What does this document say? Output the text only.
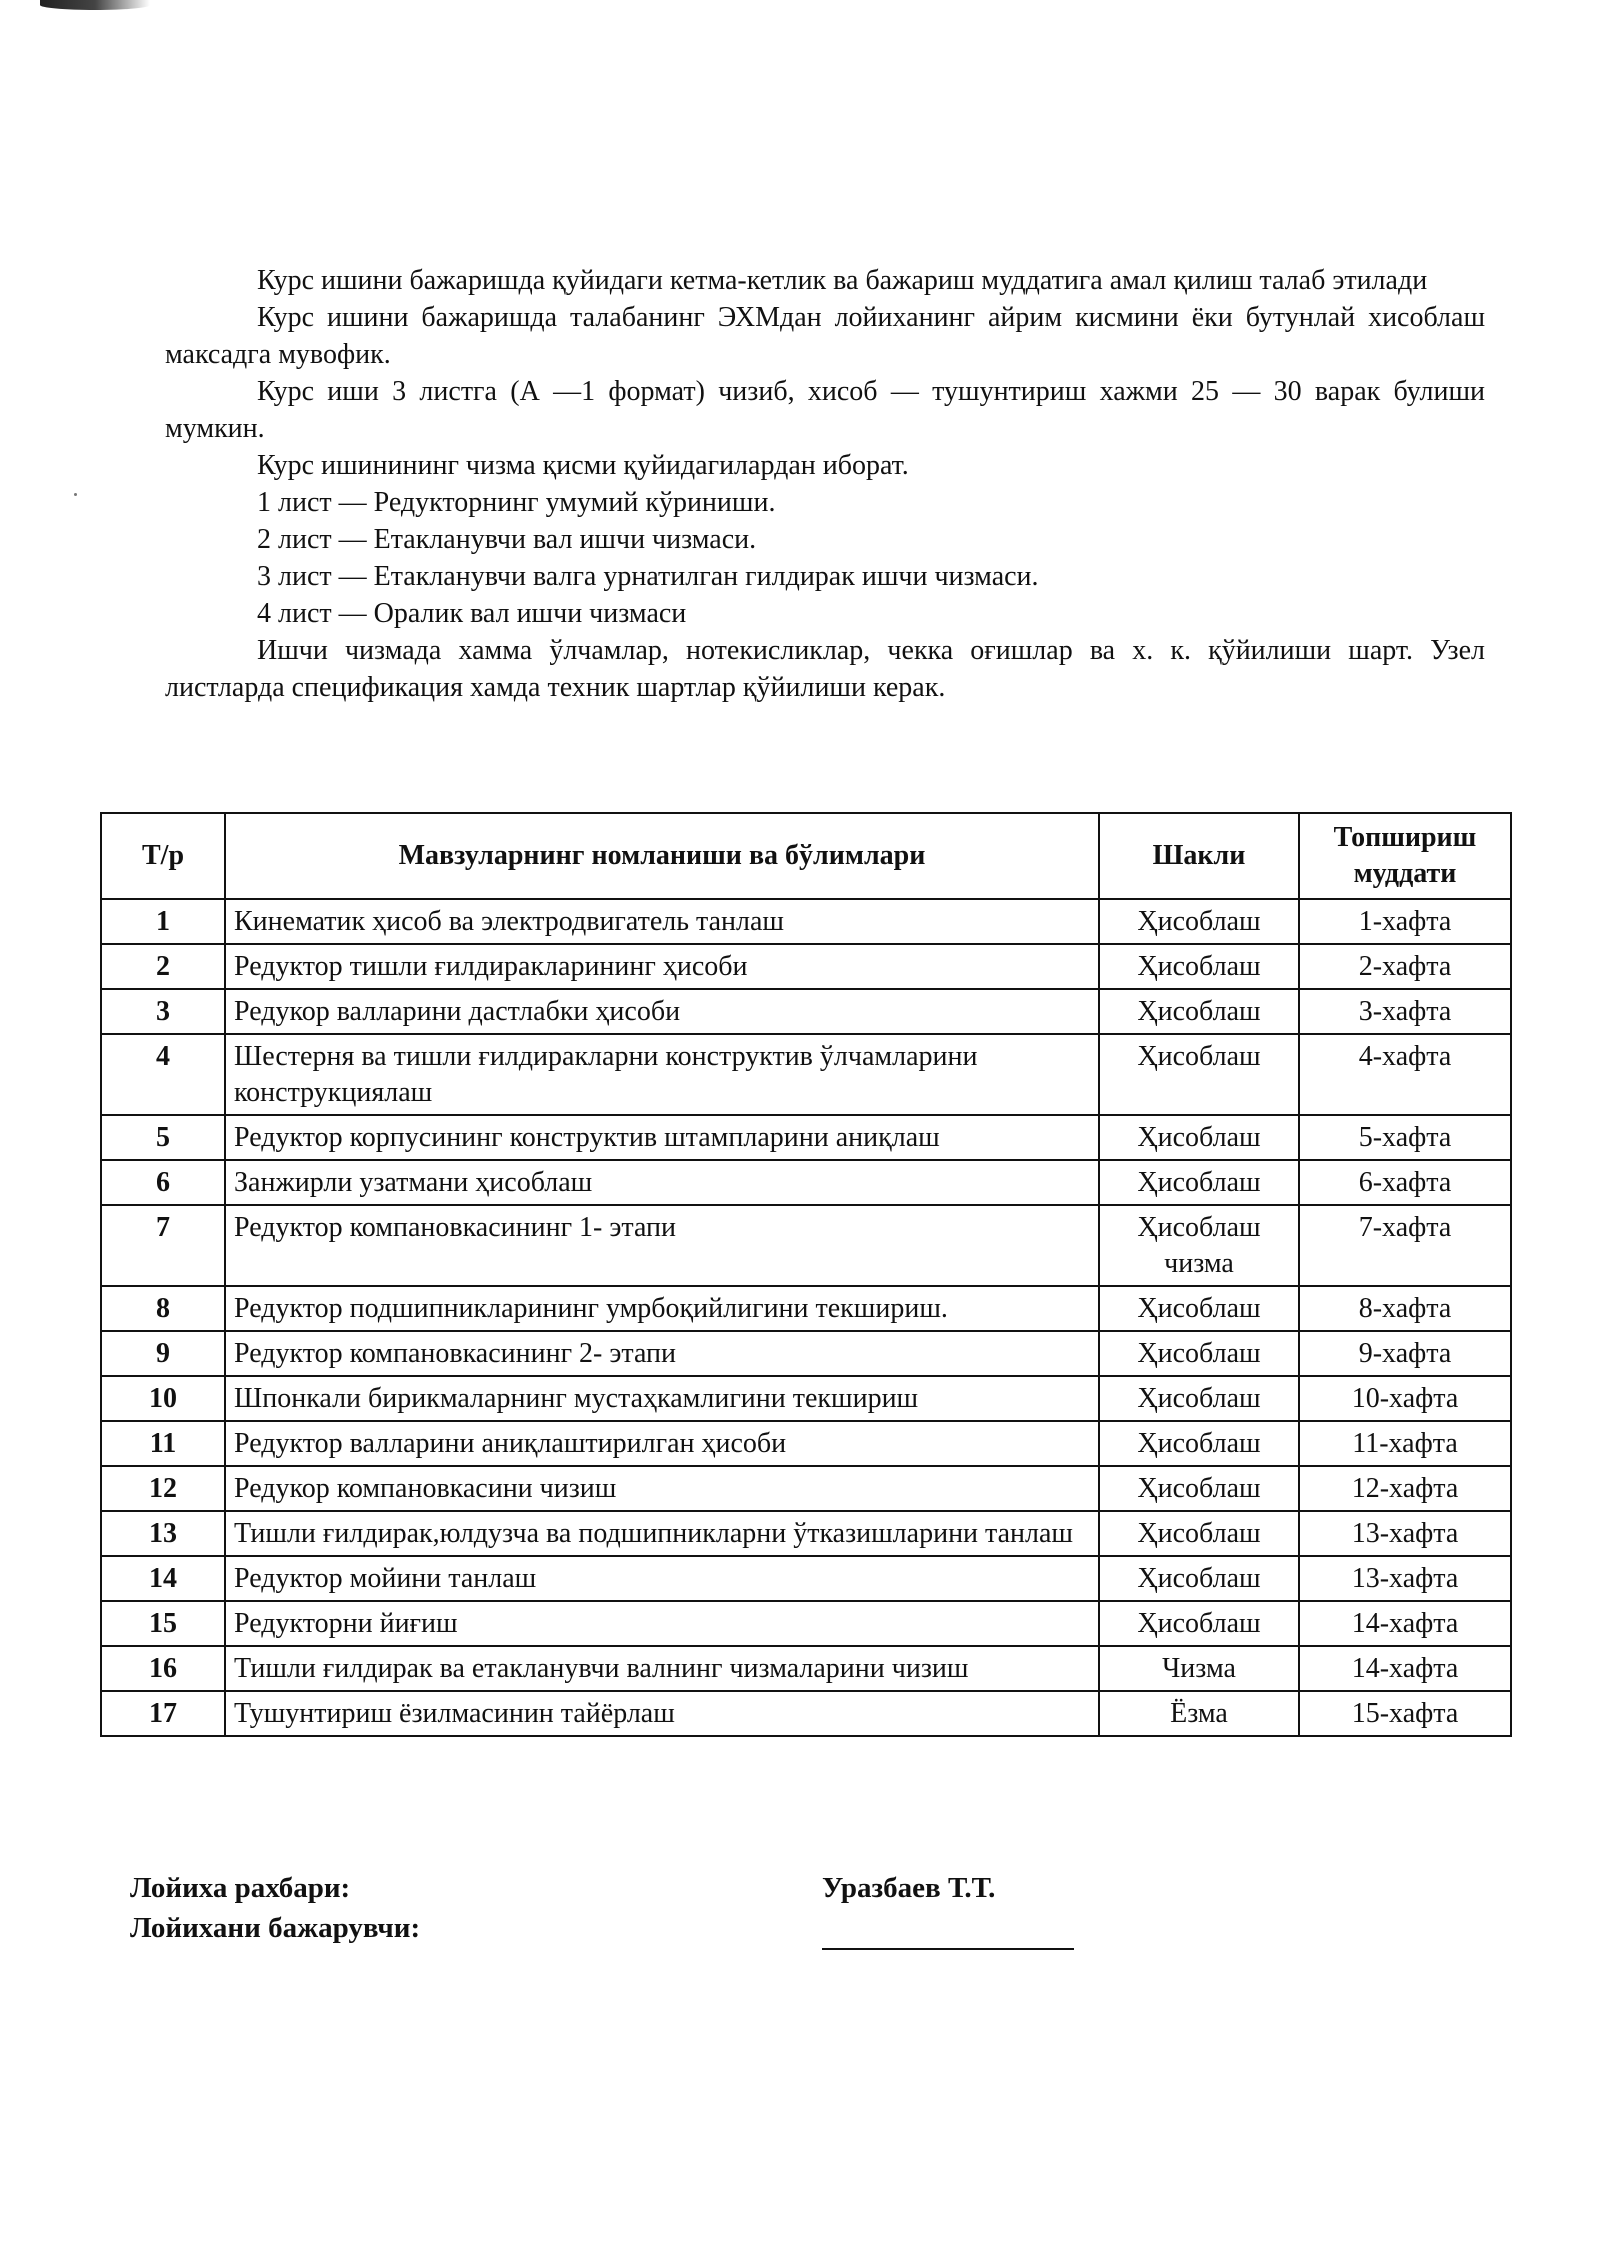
Курс ишини бажаришда қуйидаги кетма-кетлик ва бажариш муддатига амал қилиш талаб этилади

Курс ишини бажаришда талабанинг ЭХМдан лойиханинг айрим кисмини ёки бутунлай хисоблаш максадга мувофик.

Курс иши 3 листга (А —1 формат) чизиб, хисоб — тушунтириш хажми 25 — 30 варак булиши мумкин.

Курс ишинининг чизма қисми қуйидагилардан иборат.

1 лист — Редукторнинг умумий кўриниши.

2 лист — Етакланувчи вал ишчи чизмаси.

3 лист — Етакланувчи валга урнатилган гилдирак ишчи чизмаси.

4 лист — Оралик вал ишчи чизмаси

Ишчи чизмада хамма ўлчамлар, нотекисликлар, чекка оғишлар ва х. к. қўйилиши шарт. Узел листларда спецификация хамда техник шартлар қўйилиши керак.

Т/р	Мавзуларнинг номланиши ва бўлимлари	Шакли	Топшириш муддати
1	Кинематик ҳисоб ва электродвигатель танлаш	Ҳисоблаш	1-хафта
2	Редуктор тишли ғилдиракларининг ҳисоби	Ҳисоблаш	2-хафта
3	Редукор валларини дастлабки ҳисоби	Ҳисоблаш	3-хафта
4	Шестерня ва тишли ғилдиракларни конструктив ўлчамларини конструкциялаш	Ҳисоблаш	4-хафта
5	Редуктор корпусининг конструктив штампларини аниқлаш	Ҳисоблаш	5-хафта
6	Занжирли узатмани ҳисоблаш	Ҳисоблаш	6-хафта
7	Редуктор компановкасининг 1- этапи	Ҳисоблаш чизма	7-хафта
8	Редуктор подшипникларининг умрбоқийлигини текшириш.	Ҳисоблаш	8-хафта
9	Редуктор компановкасининг 2- этапи	Ҳисоблаш	9-хафта
10	Шпонкали бирикмаларнинг мустаҳкамлигини текшириш	Ҳисоблаш	10-хафта
11	Редуктор валларини аниқлаштирилган ҳисоби	Ҳисоблаш	11-хафта
12	Редукор компановкасини чизиш	Ҳисоблаш	12-хафта
13	Тишли ғилдирак,юлдузча ва подшипникларни ўтказишларини танлаш	Ҳисоблаш	13-хафта
14	Редуктор мойини танлаш	Ҳисоблаш	13-хафта
15	Редукторни йиғиш	Ҳисоблаш	14-хафта
16	Тишли ғилдирак ва етакланувчи валнинг чизмаларини чизиш	Чизма	14-хафта
17	Тушунтириш ёзилмасинин тайёрлаш	Ёзма	15-хафта
Лойиха рахбари:
Лойихани бажарувчи:
Уразбаев Т.Т.
